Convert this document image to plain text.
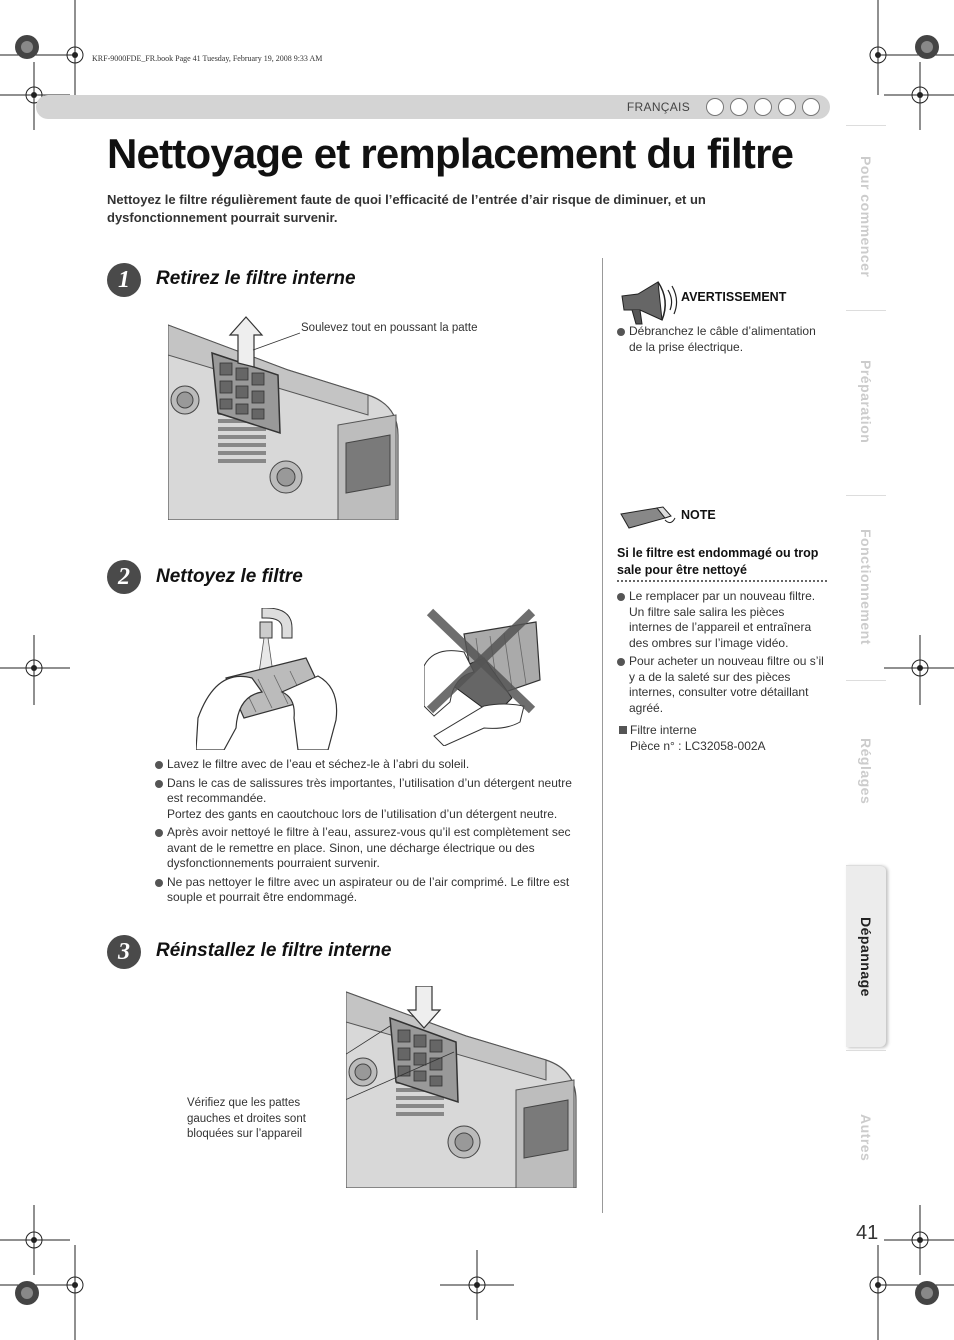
KRF-9000FDE_FR.book Page 41 Tuesday, February 19, 2008 9:33 AM
FRANÇAIS
Nettoyage et remplacement du filtre

Nettoyez le filtre régulièrement faute de quoi l’efficacité de l’entrée d’air risque de diminuer, et un dysfonctionnement pourrait survenir.

1	Retirez le filtre interne
Soulevez tout en poussant la patte
2	Nettoyez le filtre
Lavez le filtre avec de l’eau et séchez-le à l’abri du soleil.
Dans le cas de salissures très importantes, l’utilisation d’un détergent neutre est recommandée.
Portez des gants en caoutchouc lors de l’utilisation d’un détergent neutre.
Après avoir nettoyé le filtre à l’eau, assurez-vous qu’il est complètement sec avant de le remettre en place. Sinon, une décharge électrique ou des dysfonctionnements pourraient survenir.
Ne pas nettoyer le filtre avec un aspirateur ou de l’air comprimé. Le filtre est souple et pourrait être endommagé.
3	Réinstallez le filtre interne
Vérifiez que les pattes
gauches et droites sont
bloquées sur l’appareil
AVERTISSEMENT
Débranchez le câble d’alimentation de la prise électrique.
NOTE
Si le filtre est endommagé ou trop sale pour être nettoyé
Le remplacer par un nouveau filtre. Un filtre sale salira les pièces internes de l’appareil et entraînera des ombres sur l’image vidéo.
Pour acheter un nouveau filtre ou s’il y a de la saleté sur des pièces internes, consulter votre détaillant agréé.
Filtre interne
Pièce n° : LC32058-002A
Pour commencer
Préparation
Fonctionnement
Réglages
Dépannage
Autres
41
